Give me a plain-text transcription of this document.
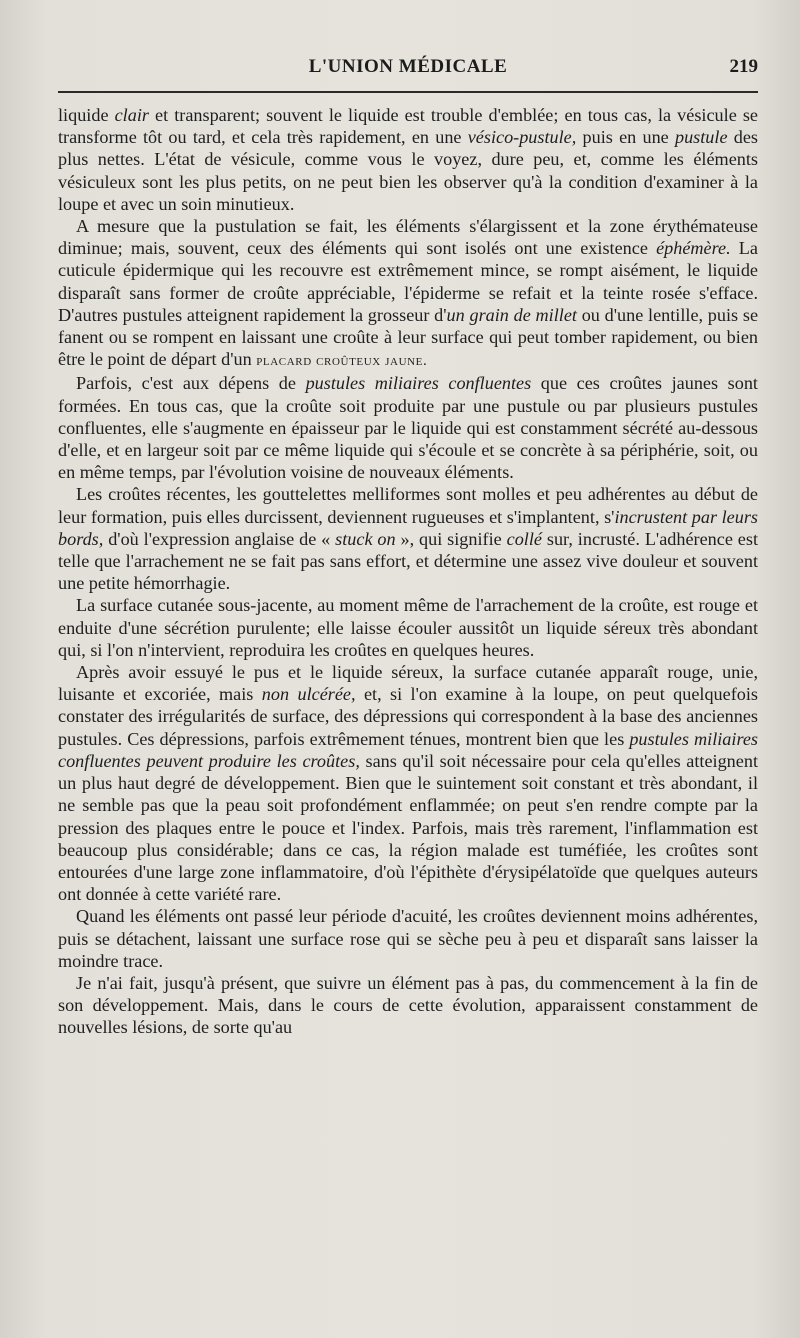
L'UNION MÉDICALE	219

liquide clair et transparent; souvent le liquide est trouble d'emblée; en tous cas, la vésicule se transforme tôt ou tard, et cela très rapidement, en une vésico-pustule, puis en une pustule des plus nettes. L'état de vésicule, comme vous le voyez, dure peu, et, comme les éléments vésiculeux sont les plus petits, on ne peut bien les observer qu'à la condition d'examiner à la loupe et avec un soin minutieux.

A mesure que la pustulation se fait, les éléments s'élargissent et la zone érythémateuse diminue; mais, souvent, ceux des éléments qui sont isolés ont une existence éphémère. La cuticule épidermique qui les recouvre est extrêmement mince, se rompt aisément, le liquide disparaît sans former de croûte appréciable, l'épiderme se refait et la teinte rosée s'efface. D'autres pustules atteignent rapidement la grosseur d'un grain de millet ou d'une lentille, puis se fanent ou se rompent en laissant une croûte à leur surface qui peut tomber rapidement, ou bien être le point de départ d'un placard croûteux jaune.

Parfois, c'est aux dépens de pustules miliaires confluentes que ces croûtes jaunes sont formées. En tous cas, que la croûte soit produite par une pustule ou par plusieurs pustules confluentes, elle s'augmente en épaisseur par le liquide qui est constamment sécrété au-dessous d'elle, et en largeur soit par ce même liquide qui s'écoule et se concrète à sa périphérie, soit, ou en même temps, par l'évolution voisine de nouveaux éléments.

Les croûtes récentes, les gouttelettes melliformes sont molles et peu adhérentes au début de leur formation, puis elles durcissent, deviennent rugueuses et s'implantent, s'incrustent par leurs bords, d'où l'expression anglaise de « stuck on », qui signifie collé sur, incrusté. L'adhérence est telle que l'arrachement ne se fait pas sans effort, et détermine une assez vive douleur et souvent une petite hémorrhagie.

La surface cutanée sous-jacente, au moment même de l'arrachement de la croûte, est rouge et enduite d'une sécrétion purulente; elle laisse écouler aussitôt un liquide séreux très abondant qui, si l'on n'intervient, reproduira les croûtes en quelques heures.

Après avoir essuyé le pus et le liquide séreux, la surface cutanée apparaît rouge, unie, luisante et excoriée, mais non ulcérée, et, si l'on examine à la loupe, on peut quelquefois constater des irrégularités de surface, des dépressions qui correspondent à la base des anciennes pustules. Ces dépressions, parfois extrêmement ténues, montrent bien que les pustules miliaires confluentes peuvent produire les croûtes, sans qu'il soit nécessaire pour cela qu'elles atteignent un plus haut degré de développement. Bien que le suintement soit constant et très abondant, il ne semble pas que la peau soit profondément enflammée; on peut s'en rendre compte par la pression des plaques entre le pouce et l'index. Parfois, mais très rarement, l'inflammation est beaucoup plus considérable; dans ce cas, la région malade est tuméfiée, les croûtes sont entourées d'une large zone inflammatoire, d'où l'épithète d'érysipélatoïde que quelques auteurs ont donnée à cette variété rare.

Quand les éléments ont passé leur période d'acuité, les croûtes deviennent moins adhérentes, puis se détachent, laissant une surface rose qui se sèche peu à peu et disparaît sans laisser la moindre trace.

Je n'ai fait, jusqu'à présent, que suivre un élément pas à pas, du commencement à la fin de son développement. Mais, dans le cours de cette évolution, apparaissent constamment de nouvelles lésions, de sorte qu'au
